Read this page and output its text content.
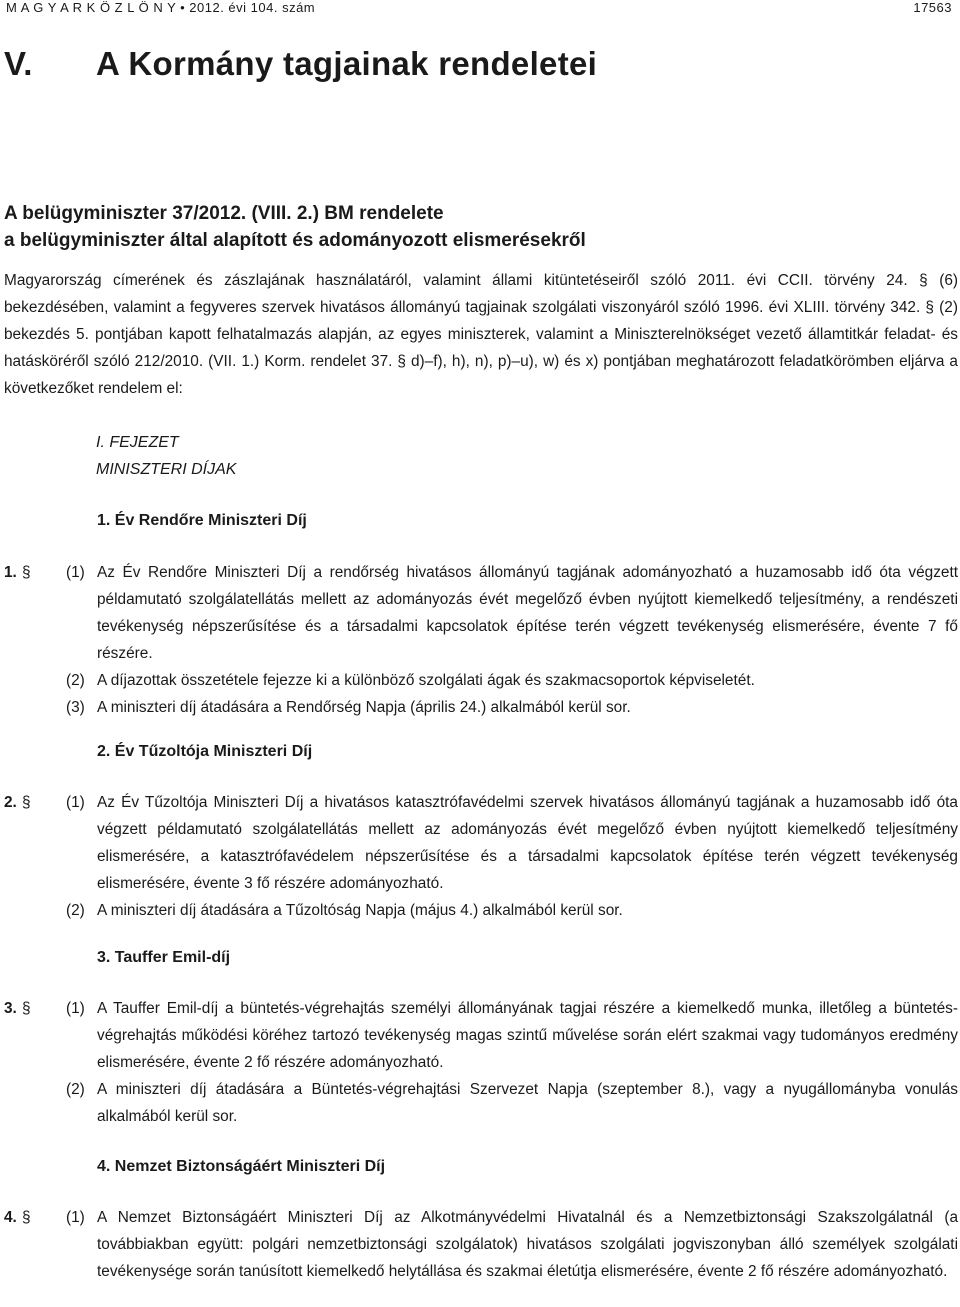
M A G Y A R K Ö Z L Ö N Y • 2012. évi 104. szám	17563
V. A Kormány tagjainak rendeletei
A belügyminiszter 37/2012. (VIII. 2.) BM rendelete
a belügyminiszter által alapított és adományozott elismerésekről
Magyarország címerének és zászlajának használatáról, valamint állami kitüntetéseiről szóló 2011. évi CCII. törvény 24. § (6) bekezdésében, valamint a fegyveres szervek hivatásos állományú tagjainak szolgálati viszonyáról szóló 1996. évi XLIII. törvény 342. § (2) bekezdés 5. pontjában kapott felhatalmazás alapján, az egyes miniszterek, valamint a Miniszterelnökséget vezető államtitkár feladat- és hatásköréről szóló 212/2010. (VII. 1.) Korm. rendelet 37. § d)–f), h), n), p)–u), w) és x) pontjában meghatározott feladatkörömben eljárva a következőket rendelem el:
I. FEJEZET
MINISZTERI DÍJAK
1. Év Rendőre Miniszteri Díj
1. § (1) Az Év Rendőre Miniszteri Díj a rendőrség hivatásos állományú tagjának adományozható a huzamosabb idő óta végzett példamutató szolgálatellátás mellett az adományozás évét megelőző évben nyújtott kiemelkedő teljesítmény, a rendészeti tevékenység népszerűsítése és a társadalmi kapcsolatok építése terén végzett tevékenység elismerésére, évente 7 fő részére.
(2) A díjazottak összetétele fejezze ki a különböző szolgálati ágak és szakmacsoportok képviseletét.
(3) A miniszteri díj átadására a Rendőrség Napja (április 24.) alkalmából kerül sor.
2. Év Tűzoltója Miniszteri Díj
2. § (1) Az Év Tűzoltója Miniszteri Díj a hivatásos katasztrófavédelmi szervek hivatásos állományú tagjának a huzamosabb idő óta végzett példamutató szolgálatellátás mellett az adományozás évét megelőző évben nyújtott kiemelkedő teljesítmény elismerésére, a katasztrófavédelem népszerűsítése és a társadalmi kapcsolatok építése terén végzett tevékenység elismerésére, évente 3 fő részére adományozható.
(2) A miniszteri díj átadására a Tűzoltóság Napja (május 4.) alkalmából kerül sor.
3. Tauffer Emil-díj
3. § (1) A Tauffer Emil-díj a büntetés-végrehajtás személyi állományának tagjai részére a kiemelkedő munka, illetőleg a büntetés-végrehajtás működési köréhez tartozó tevékenység magas szintű művelése során elért szakmai vagy tudományos eredmény elismerésére, évente 2 fő részére adományozható.
(2) A miniszteri díj átadására a Büntetés-végrehajtási Szervezet Napja (szeptember 8.), vagy a nyugállományba vonulás alkalmából kerül sor.
4. Nemzet Biztonságáért Miniszteri Díj
4. § (1) A Nemzet Biztonságáért Miniszteri Díj az Alkotmányvédelmi Hivatalnál és a Nemzetbiztonsági Szakszolgálatnál (a továbbiakban együtt: polgári nemzetbiztonsági szolgálatok) hivatásos szolgálati jogviszonyban álló személyek szolgálati tevékenysége során tanúsított kiemelkedő helytállása és szakmai életútja elismerésére, évente 2 fő részére adományozható.
